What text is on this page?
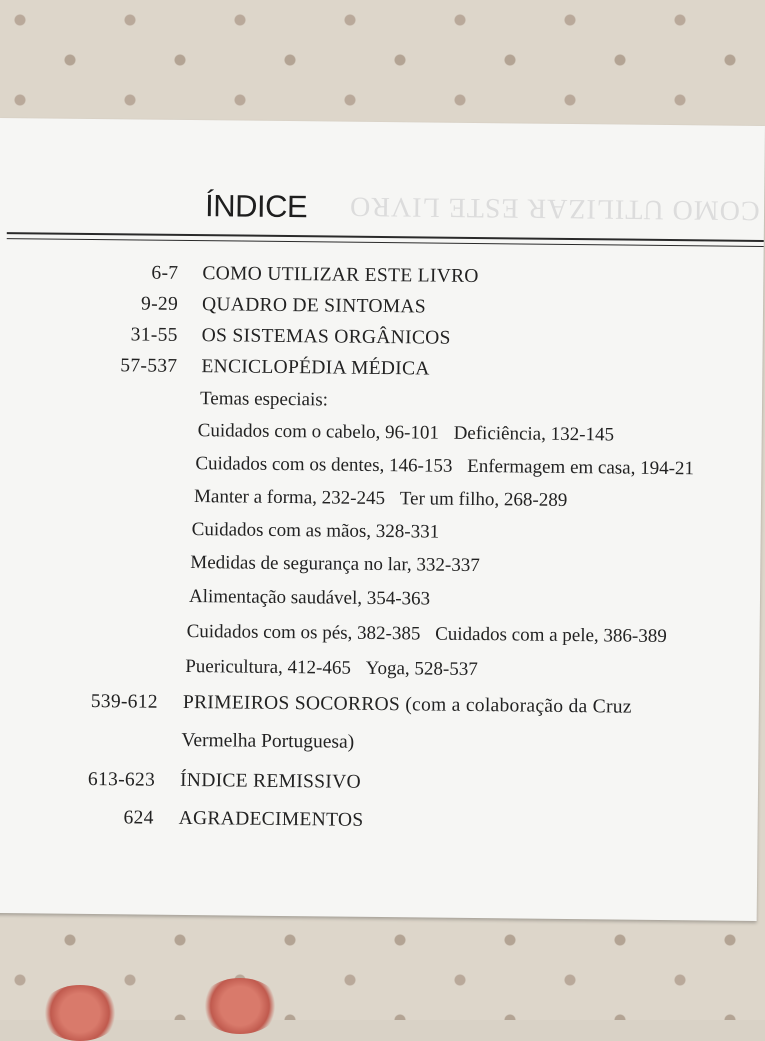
COMO UTILIZAR ESTE LIVRO
ÍNDICE
6-7 COMO UTILIZAR ESTE LIVRO
9-29 QUADRO DE SINTOMAS
31-55 OS SISTEMAS ORGÂNICOS
57-537 ENCICLOPÉDIA MÉDICA
Temas especiais:
Cuidados com o cabelo, 96-101 Deficiência, 132-145
Cuidados com os dentes, 146-153 Enfermagem em casa, 194-21
Manter a forma, 232-245 Ter um filho, 268-289
Cuidados com as mãos, 328-331
Medidas de segurança no lar, 332-337
Alimentação saudável, 354-363
Cuidados com os pés, 382-385 Cuidados com a pele, 386-389
Puericultura, 412-465 Yoga, 528-537
539-612 PRIMEIROS SOCORROS (com a colaboração da Cruz
Vermelha Portuguesa)
613-623 ÍNDICE REMISSIVO
624 AGRADECIMENTOS
